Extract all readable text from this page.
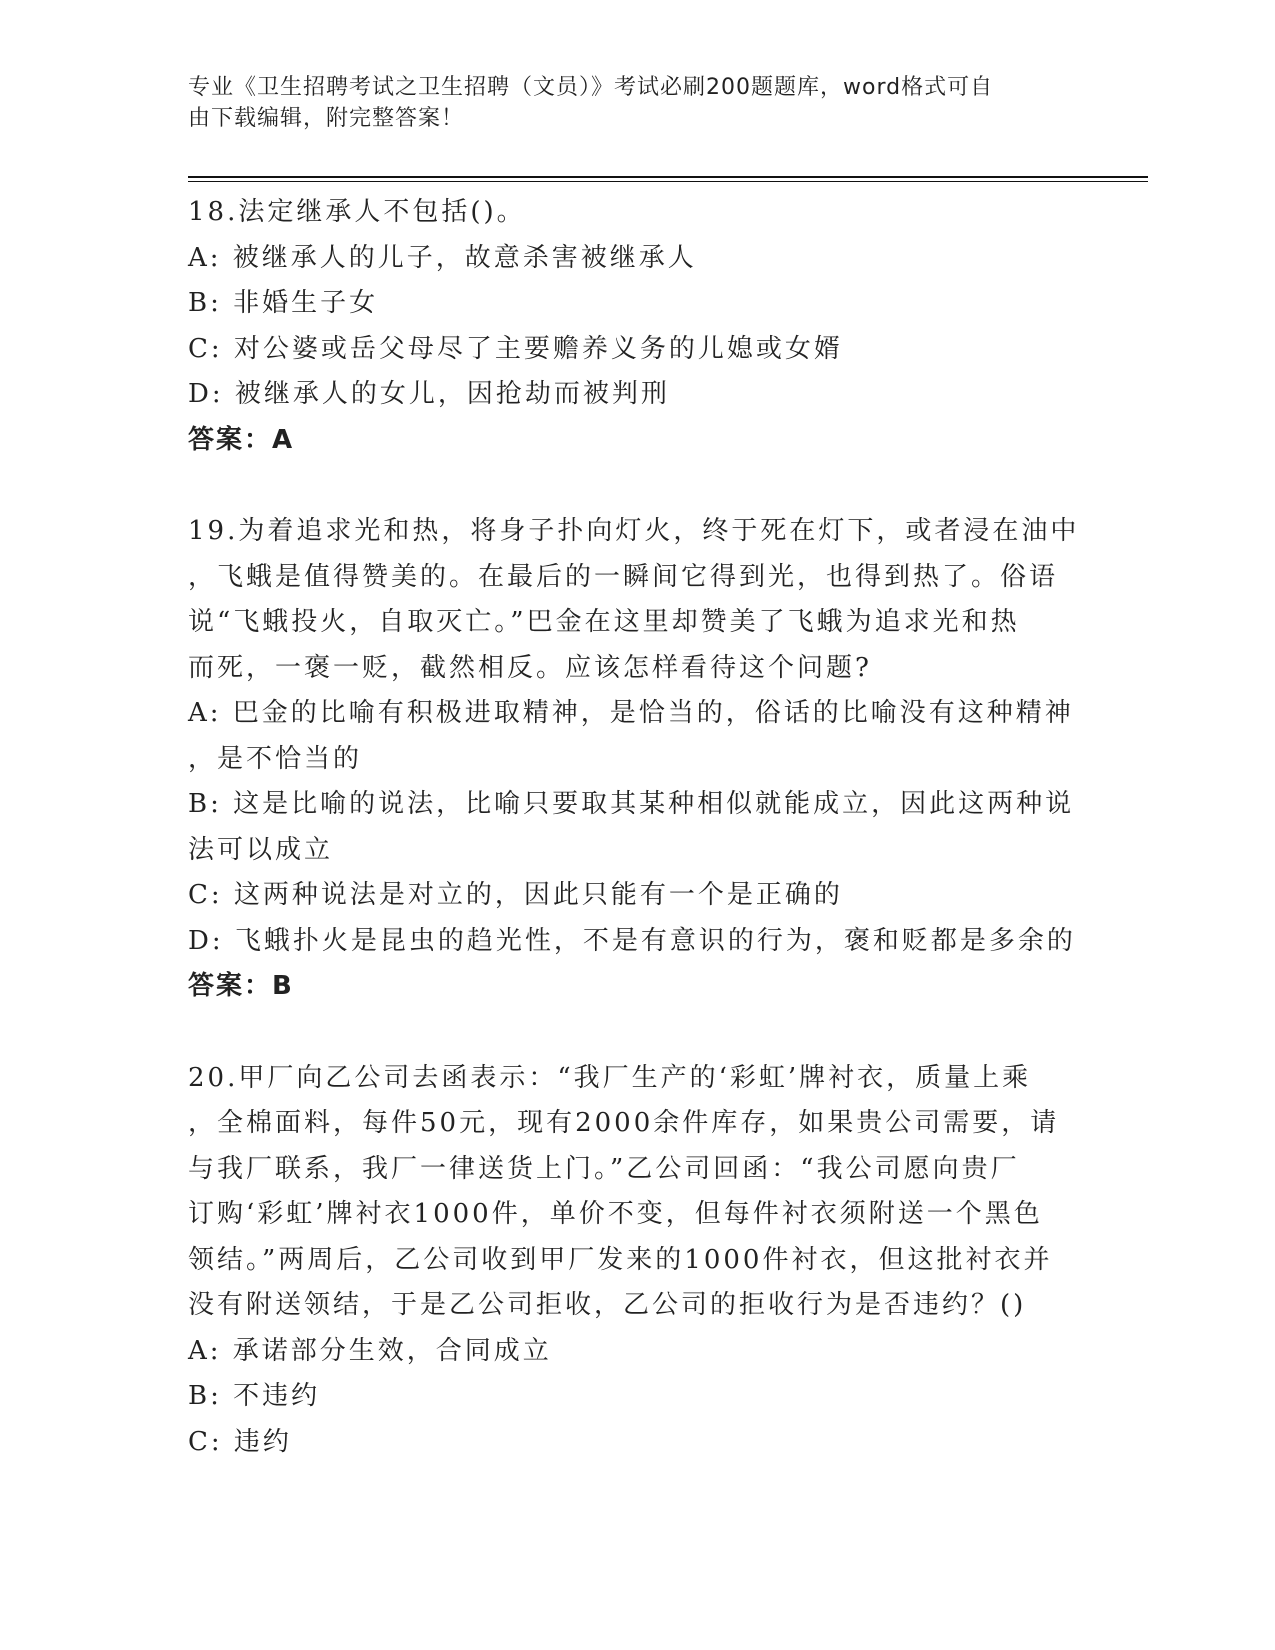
专业《卫生招聘考试之卫生招聘（文员）》考试必刷200题题库，word格式可自
由下载编辑，附完整答案！
18.法定继承人不包括()。
A: 被继承人的儿子，故意杀害被继承人
B: 非婚生子女
C: 对公婆或岳父母尽了主要赡养义务的儿媳或女婿
D: 被继承人的女儿，因抢劫而被判刑
答案：A
19.为着追求光和热，将身子扑向灯火，终于死在灯下，或者浸在油中
，飞蛾是值得赞美的。在最后的一瞬间它得到光，也得到热了。俗语
说“飞蛾投火，自取灭亡。”巴金在这里却赞美了飞蛾为追求光和热
而死，一褒一贬，截然相反。应该怎样看待这个问题?
A: 巴金的比喻有积极进取精神，是恰当的，俗话的比喻没有这种精神
，是不恰当的
B: 这是比喻的说法，比喻只要取其某种相似就能成立，因此这两种说
法可以成立
C: 这两种说法是对立的，因此只能有一个是正确的
D: 飞蛾扑火是昆虫的趋光性，不是有意识的行为，褒和贬都是多余的
答案：B
20.甲厂向乙公司去函表示：“我厂生产的‘彩虹’牌衬衣，质量上乘
，全棉面料，每件50元，现有2000余件库存，如果贵公司需要，请
与我厂联系，我厂一律送货上门。”乙公司回函：“我公司愿向贵厂
订购‘彩虹’牌衬衣1000件，单价不变，但每件衬衣须附送一个黑色
领结。”两周后，乙公司收到甲厂发来的1000件衬衣，但这批衬衣并
没有附送领结，于是乙公司拒收，乙公司的拒收行为是否违约？()
A: 承诺部分生效，合同成立
B: 不违约
C: 违约
